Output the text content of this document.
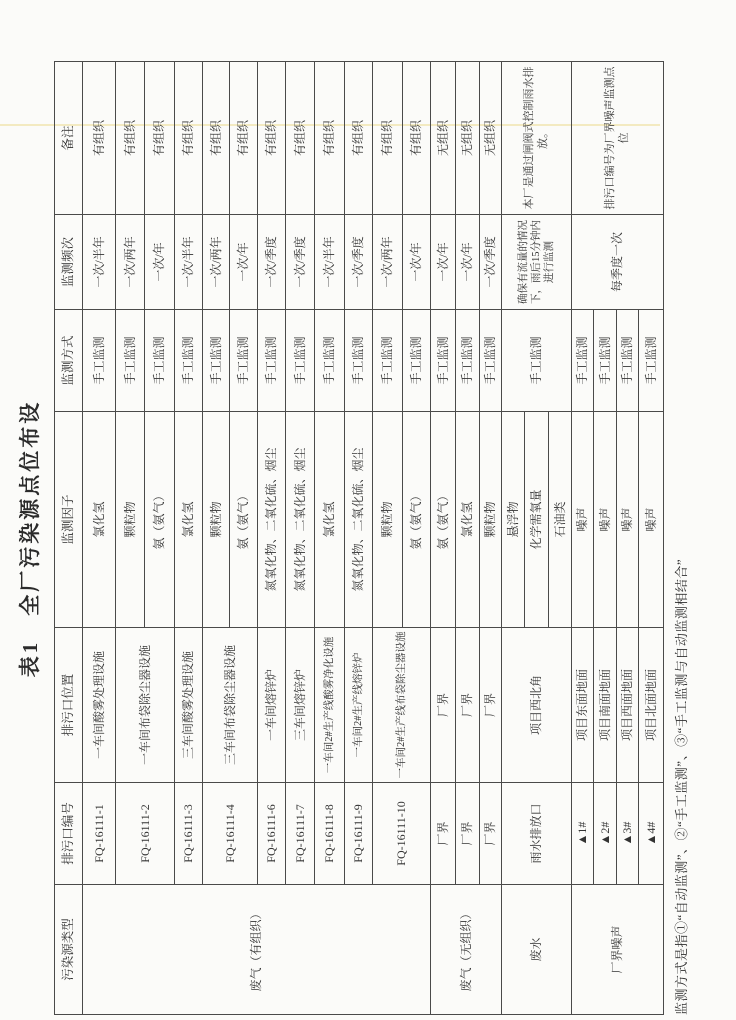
表1　全厂污染源点位布设
污染源类型	排污口编号	排污口位置	监测因子	监测方式	监测频次	备注
废气（有组织）	FQ-16111-1	一车间酸雾处理设施	氯化氢	手工监测	一次/半年	有组织
	FQ-16111-2	一车间布袋除尘器设施	颗粒物	手工监测	一次/两年	有组织
			氨（氨气）	手工监测	一次/年	有组织
	FQ-16111-3	三车间酸雾处理设施	氯化氢	手工监测	一次/半年	有组织
	FQ-16111-4	三车间布袋除尘器设施	颗粒物	手工监测	一次/两年	有组织
			氨（氨气）	手工监测	一次/年	有组织
	FQ-16111-6	一车间熔锌炉	氮氧化物、二氧化硫、烟尘	手工监测	一次/季度	有组织
	FQ-16111-7	三车间熔锌炉	氮氧化物、二氧化硫、烟尘	手工监测	一次/季度	有组织
	FQ-16111-8	一车间2#生产线酸雾净化设施	氯化氢	手工监测	一次/半年	有组织
	FQ-16111-9	一车间2#生产线熔锌炉	氮氧化物、二氧化硫、烟尘	手工监测	一次/季度	有组织
	FQ-16111-10	一车间2#生产线布袋除尘器设施	颗粒物	手工监测	一次/两年	有组织
			氨（氨气）	手工监测	一次/年	有组织
废气（无组织）	厂界	厂界	氨（氨气）	手工监测	一次/年	无组织
	厂界	厂界	氯化氢	手工监测	一次/年	无组织
	厂界	厂界	颗粒物	手工监测	一次/季度	无组织
废水	雨水排放口	项目西北角	悬浮物	手工监测	确保有流量的情况下，雨后15分钟内进行监测	本厂是通过闸阀式控制雨水排放。
			化学需氧量			
			石油类			
厂界噪声	▲1#	项目东面地面	噪声	手工监测	每季度一次	排污口编号为厂界噪声监测点位
	▲2#	项目南面地面	噪声	手工监测		
	▲3#	项目西面地面	噪声	手工监测		
	▲4#	项目北面地面	噪声	手工监测		
监测方式是指①“自动监测”、②“手工监测”、③“手工监测与自动监测相结合”
